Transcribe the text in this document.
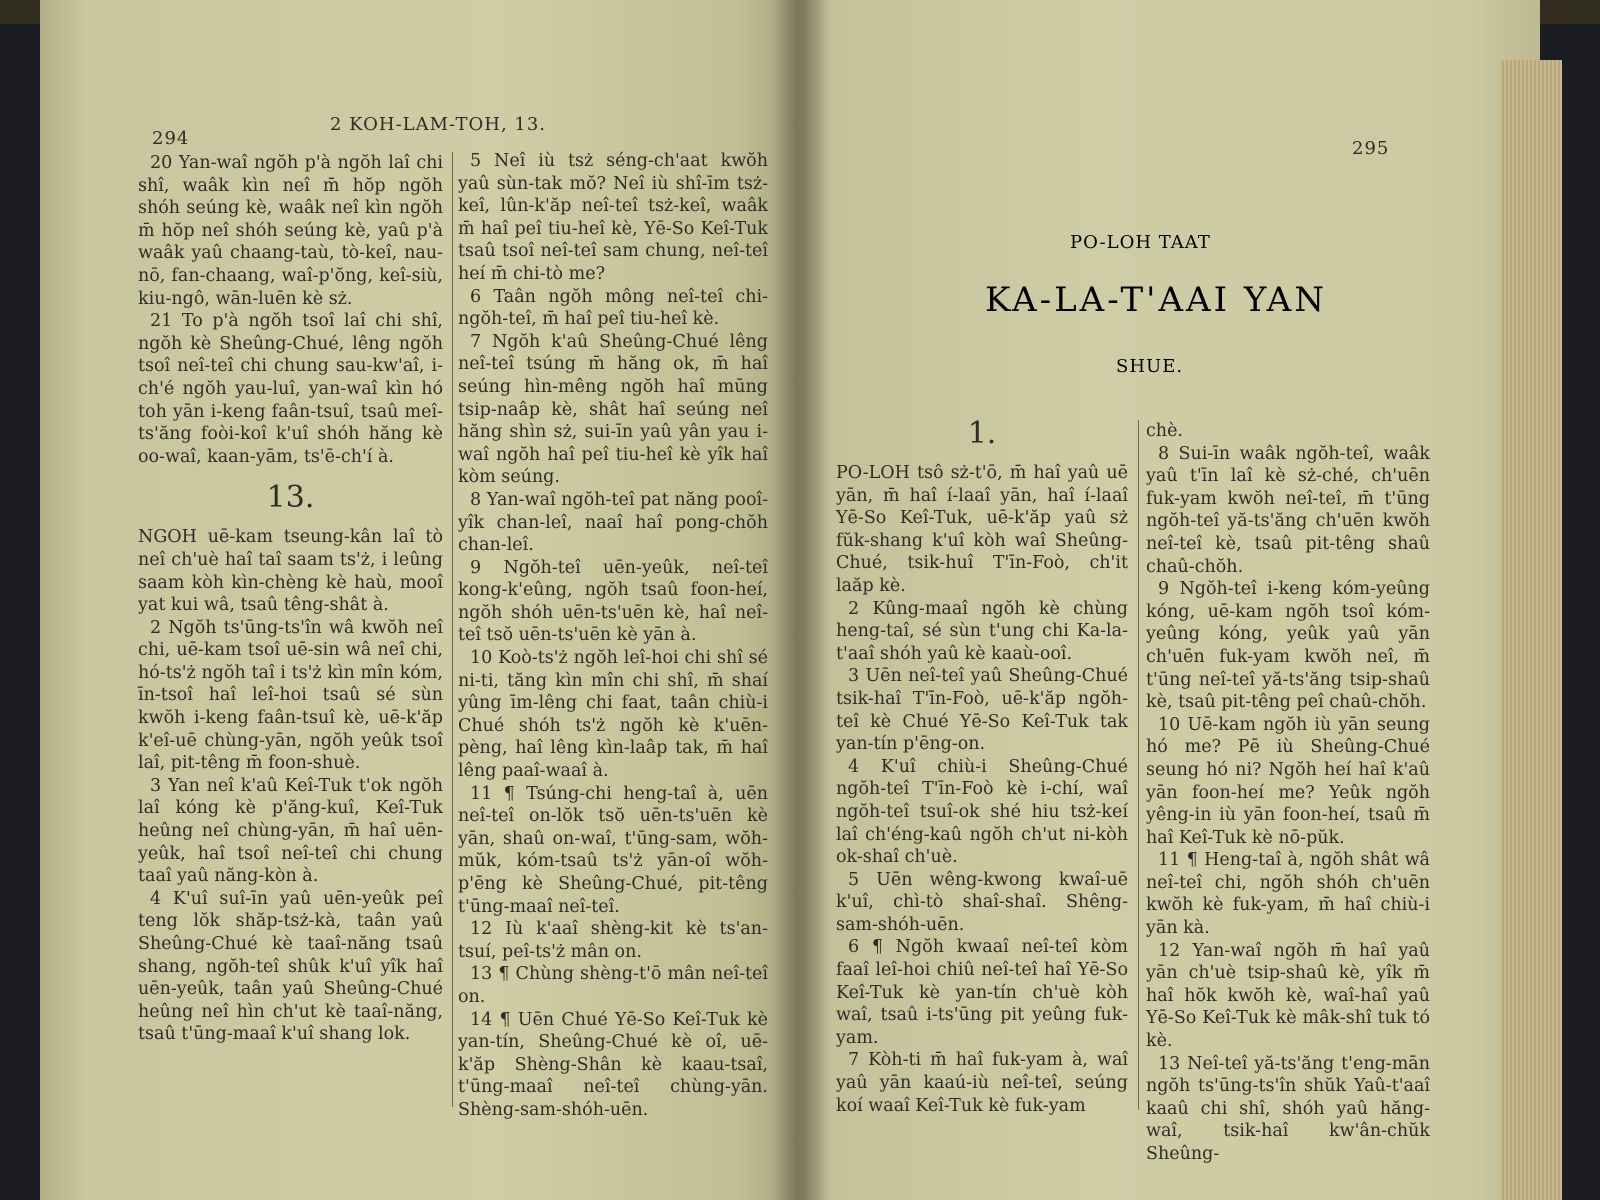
294
2 KOH-LAM-TOH, 13.

20 Yan-waî ngŏh p'à ngŏh laî chi shî, waâk kìn neî m̄ hŏp ngŏh shóh seúng kè, waâk neî kìn ngŏh m̄ hŏp neî shóh seúng kè, yaû p'à waâk yaû chaang-taù, tò-keî, nau-nō, fan-chaang, waî-p'ŏng, keî-siù, kiu-ngô, wān-luēn kè sż.

21 To p'à ngŏh tsoî laî chi shî, ngŏh kè Sheûng-Chué, lêng ngŏh tsoî neî-teî chi chung sau-kw'aî, i-ch'é ngŏh yau-luî, yan-waî kìn hó toh yān i-keng faân-tsuî, tsaû meî-ts'ăng foòi-koî k'uî shóh hăng kè oo-waî, kaan-yām, ts'ē-ch'í à.

13.

NGOH uē-kam tseung-kân laî tò neî ch'uè haî taî saam ts'ż, i leûng saam kòh kìn-chèng kè haù, mooî yat kui wâ, tsaû têng-shât à.

2 Ngŏh ts'ūng-ts'în wâ kwŏh neî chi, uē-kam tsoî uē-sin wâ neî chi, hó-ts'ż ngŏh taî i ts'ż kìn mîn kóm, īn-tsoî haî leî-hoi tsaû sé sùn kwŏh i-keng faân-tsuî kè, uē-k'ăp k'eî-uē chùng-yān, ngŏh yeûk tsoî laî, pit-têng m̄ foon-shuè.

3 Yan neî k'aû Keî-Tuk t'ok ngŏh laî kóng kè p'ăng-kuî, Keî-Tuk heûng neî chùng-yān, m̄ haî uēn-yeûk, haî tsoî neî-teî chi chung taaî yaû năng-kòn à.

4 K'uî suî-īn yaû uēn-yeûk peî teng lŏk shăp-tsż-kà, taân yaû Sheûng-Chué kè taaî-năng tsaû shang, ngŏh-teî shûk k'uî yîk haî uēn-yeûk, taân yaû Sheûng-Chué heûng neî hìn ch'ut kè taaî-năng, tsaû t'ūng-maaî k'uî shang lok.

5 Neî iù tsż séng-ch'aat kwŏh yaû sùn-tak mŏ? Neî iù shî-īm tsż-keî, lûn-k'ăp neî-teî tsż-keî, waâk m̄ haî peî tiu-heî kè, Yē-So Keî-Tuk tsaû tsoî neî-teî sam chung, neî-teî heí m̄ chi-tò me?

6 Taân ngŏh mông neî-teî chi-ngŏh-teî, m̄ haî peî tiu-heî kè.

7 Ngŏh k'aû Sheûng-Chué lêng neî-teî tsúng m̄ hăng ok, m̄ haî seúng hìn-mêng ngŏh haî mūng tsip-naâp kè, shât haî seúng neî hăng shìn sż, sui-īn yaû yân yau i-waî ngŏh haî peî tiu-heî kè yîk haî kòm seúng.

8 Yan-waî ngŏh-teî pat năng pooî-yîk chan-leî, naaî haî pong-chŏh chan-leî.

9 Ngŏh-teî uēn-yeûk, neî-teî kong-k'eûng, ngŏh tsaû foon-heí, ngŏh shóh uēn-ts'uēn kè, haî neî-teî tsŏ uēn-ts'uēn kè yān à.

10 Koò-ts'ż ngŏh leî-hoi chi shî sé ni-ti, tăng kìn mîn chi shî, m̄ shaí yûng īm-lêng chi faat, taân chiù-i Chué shóh ts'ż ngŏh kè k'uēn-pèng, haî lêng kìn-laâp tak, m̄ haî lêng paaî-waaî à.

11 ¶ Tsúng-chi heng-taî à, uēn neî-teî on-lŏk tsŏ uēn-ts'uēn kè yān, shaû on-waî, t'ūng-sam, wŏh-mŭk, kóm-tsaû ts'ż yān-oî wŏh-p'ēng kè Sheûng-Chué, pit-têng t'ūng-maaî neî-teî.

12 Iù k'aaî shèng-kit kè ts'an-tsuí, peî-ts'ż mân on.

13 ¶ Chùng shèng-t'ō mân neî-teî on.

14 ¶ Uēn Chué Yē-So Keî-Tuk kè yan-tín, Sheûng-Chué kè oî, uē-k'ăp Shèng-Shân kè kaau-tsaî, t'ūng-maaî neî-teî chùng-yān. Shèng-sam-shóh-uēn.

295
1.

PO-LOH tsô sż-t'ō, m̄ haî yaû uē yān, m̄ haî í-laaî yān, haî í-laaî Yē-So Keî-Tuk, uē-k'ăp yaû sż fŭk-shang k'uî kòh waî Sheûng-Chué, tsik-huî T'īn-Foò, ch'it laăp kè.

2 Kûng-maaî ngŏh kè chùng heng-taî, sé sùn t'ung chi Ka-la-t'aaî shóh yaû kè kaaù-ooî.

3 Uēn neî-teî yaû Sheûng-Chué tsik-haî T'īn-Foò, uē-k'ăp ngŏh-teî kè Chué Yē-So Keî-Tuk tak yan-tín p'ēng-on.

4 K'uî chiù-i Sheûng-Chué ngŏh-teî T'īn-Foò kè i-chí, waî ngŏh-teî tsuî-ok shé hiu tsż-keí laî ch'éng-kaû ngŏh ch'ut ni-kòh ok-shaî ch'uè.

5 Uēn wêng-kwong kwaî-uē k'uî, chì-tò shaî-shaî. Shêng-sam-shóh-uēn.

6 ¶ Ngŏh kwaaî neî-teî kòm faaî leî-hoi chiû neî-teî haî Yē-So Keî-Tuk kè yan-tín ch'uè kòh waî, tsaû i-ts'ūng pit yeûng fuk-yam.

7 Kòh-ti m̄ haî fuk-yam à, waî yaû yān kaaú-iù neî-teî, seúng koí waaî Keî-Tuk kè fuk-yam

chè.

8 Sui-īn waâk ngŏh-teî, waâk yaû t'īn laî kè sż-ché, ch'uēn fuk-yam kwŏh neî-teî, m̄ t'ūng ngŏh-teî yă-ts'ăng ch'uēn kwŏh neî-teî kè, tsaû pit-têng shaû chaû-chŏh.

9 Ngŏh-teî i-keng kóm-yeûng kóng, uē-kam ngŏh tsoî kóm-yeûng kóng, yeûk yaû yān ch'uēn fuk-yam kwŏh neî, m̄ t'ūng neî-teî yă-ts'ăng tsip-shaû kè, tsaû pit-têng peî chaû-chŏh.

10 Uē-kam ngŏh iù yān seung hó me? Pē iù Sheûng-Chué seung hó ni? Ngŏh heí haî k'aû yān foon-heí me? Yeûk ngŏh yêng-in iù yān foon-heí, tsaû m̄ haî Keî-Tuk kè nō-pŭk.

11 ¶ Heng-taî à, ngŏh shât wâ neî-teî chi, ngŏh shóh ch'uēn kwŏh kè fuk-yam, m̄ haî chiù-i yān kà.

12 Yan-waî ngŏh m̄ haî yaû yān ch'uè tsip-shaû kè, yîk m̄ haî hŏk kwŏh kè, waî-haî yaû Yē-So Keî-Tuk kè mâk-shî tuk tó kè.

13 Neî-teî yă-ts'ăng t'eng-mān ngŏh ts'ūng-ts'în shŭk Yaû-t'aaî kaaû chi shî, shóh yaû hăng-waî, tsik-haî kw'ân-chŭk Sheûng-

PO-LOH TAAT
KA-LA-T'AAI YAN
SHUE.
